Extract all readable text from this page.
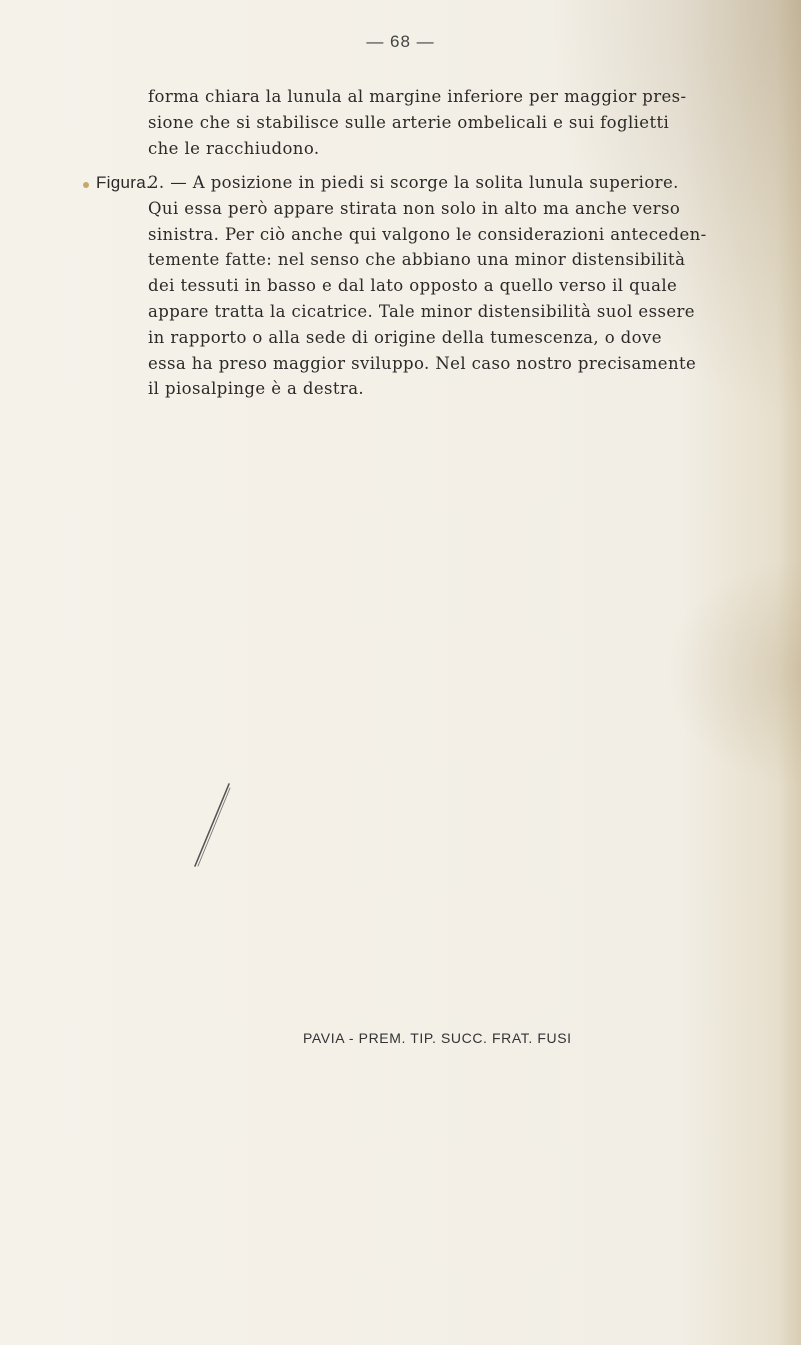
— 68 —

forma chiara la lunula al margine inferiore per maggior pres-
sione che si stabilisce sulle arterie ombelicali e sui foglietti
che le racchiudono.

Figura.

2. — A posizione in piedi si scorge la solita lunula superiore.
Qui essa però appare stirata non solo in alto ma anche verso
sinistra. Per ciò anche qui valgono le considerazioni anteceden-
temente fatte: nel senso che abbiano una minor distensibilità
dei tessuti in basso e dal lato opposto a quello verso il quale
appare tratta la cicatrice. Tale minor distensibilità suol essere
in rapporto o alla sede di origine della tumescenza, o dove
essa ha preso maggior sviluppo. Nel caso nostro precisamente
il piosalpinge è a destra.

PAVIA - PREM. TIP. SUCC. FRAT. FUSI
